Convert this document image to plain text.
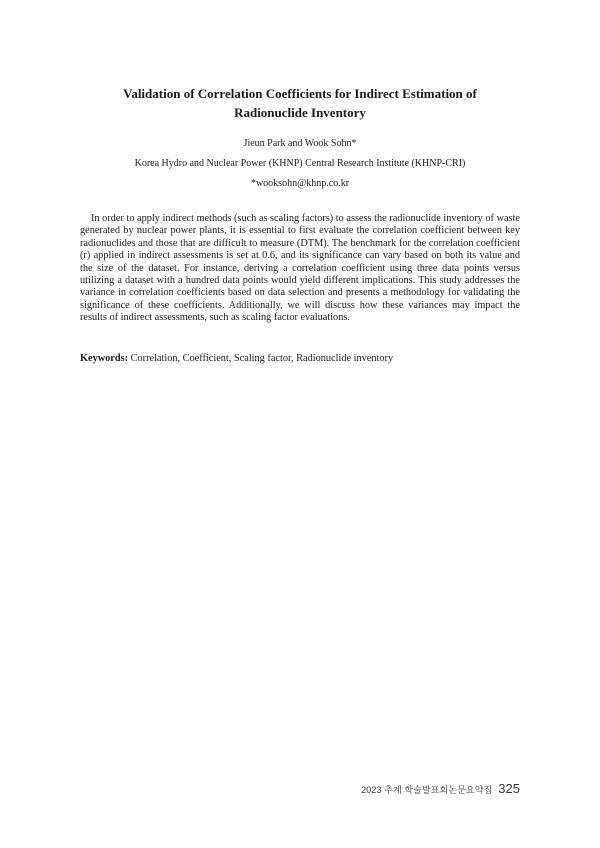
Validation of Correlation Coefficients for Indirect Estimation of
Radionuclide Inventory
Jieun Park and Wook Sohn*
Korea Hydro and Nuclear Power (KHNP) Central Research Institute (KHNP-CRI)
*wooksohn@khnp.co.kr

In order to apply indirect methods (such as scaling factors) to assess the radionuclide inventory of waste generated by nuclear power plants, it is essential to first evaluate the correlation coefficient between key radionuclides and those that are difficult to measure (DTM). The benchmark for the correlation coefficient (r) applied in indirect assessments is set at 0.6, and its significance can vary based on both its value and the size of the dataset. For instance, deriving a correlation coefficient using three data points versus utilizing a dataset with a hundred data points would yield different implications. This study addresses the variance in correlation coefficients based on data selection and presents a methodology for validating the significance of these coefficients. Additionally, we will discuss how these variances may impact the results of indirect assessments, such as scaling factor evaluations.

Keywords: Correlation, Coefficient, Scaling factor, Radionuclide inventory

2023 추계 학술발표회논문요약집 325
